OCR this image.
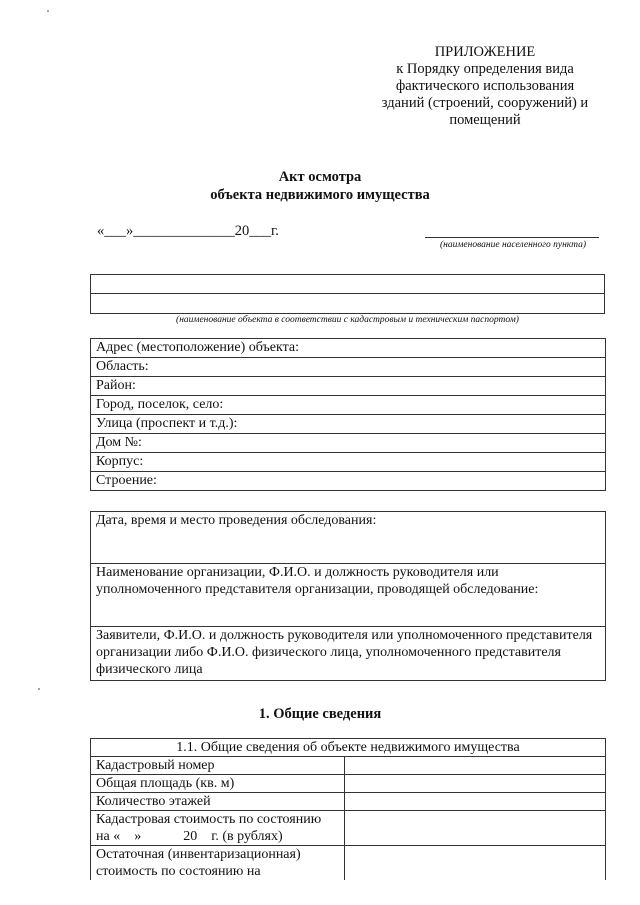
ПРИЛОЖЕНИЕ
к Порядку определения вида
фактического использования
зданий (строений, сооружений) и
помещений
Акт осмотра
объекта недвижимого имущества
«___»______________20___г.
(наименование населенного пункта)
(наименование объекта в соответствии с кадастровым и техническим паспортом)
Адрес (местоположение) объекта:
Область:
Район:
Город, поселок, село:
Улица (проспект и т.д.):
Дом №:
Корпус:
Строение:
Дата, время и место проведения обследования:
Наименование организации, Ф.И.О. и должность руководителя или уполномоченного представителя организации, проводящей обследование:
Заявители, Ф.И.О. и должность руководителя или уполномоченного представителя организации либо Ф.И.О. физического лица, уполномоченного представителя физического лица
1. Общие сведения
1.1. Общие сведения об объекте недвижимого имущества	
Кадастровый номер	
Общая площадь (кв. м)	
Количество этажей	

Кадастровая стоимость по состоянию
на «    »            20    г. (в рублях)	

Остаточная (инвентаризационная)
стоимость по состоянию на	
